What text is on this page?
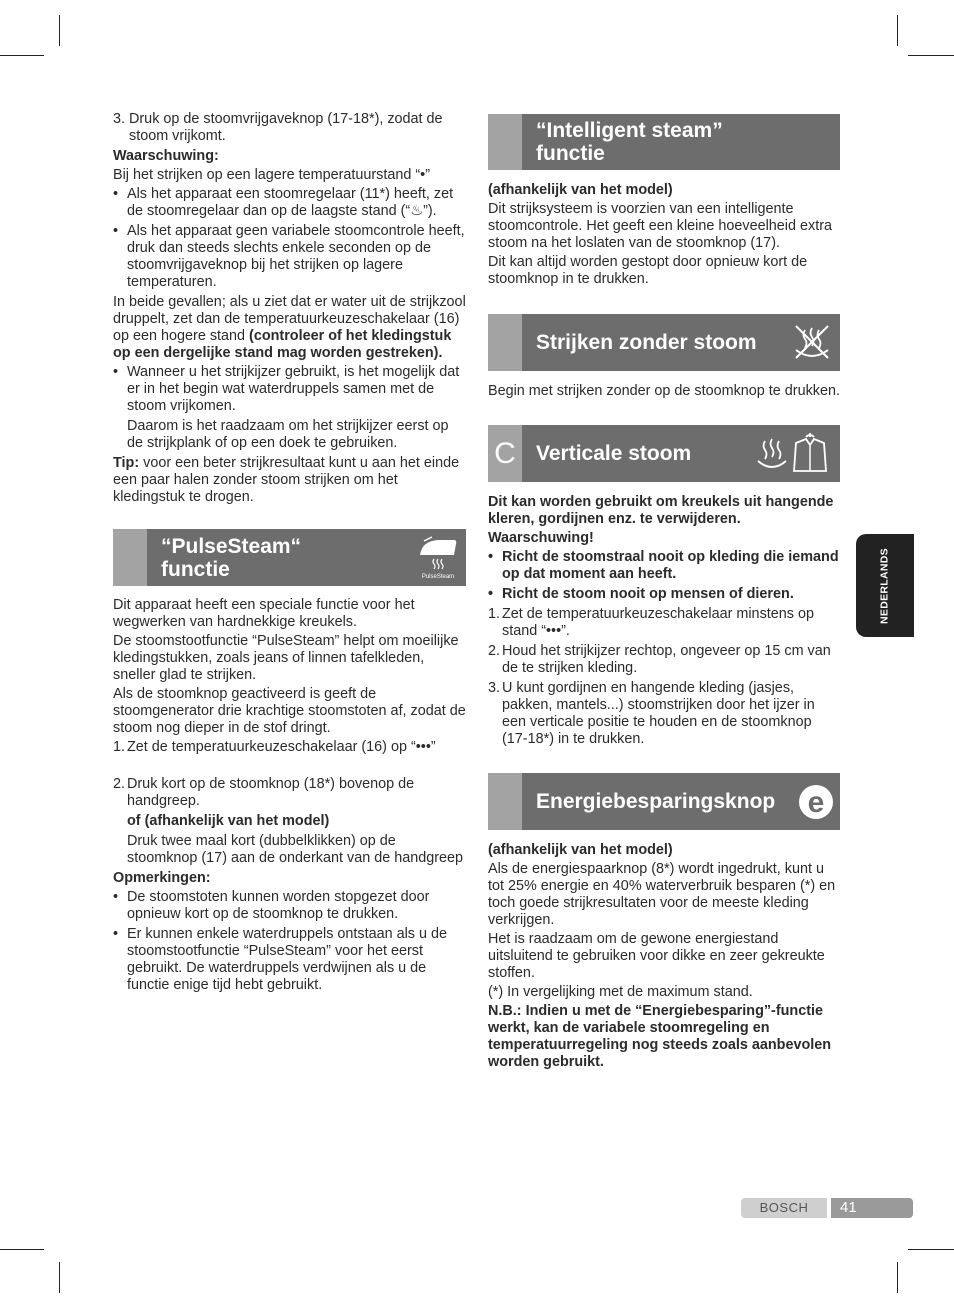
3. Druk op de stoomvrijgaveknop (17-18*), zodat de stoom vrijkomt.

Waarschuwing:

Bij het strijken op een lagere temperatuurstand “•”

• Als het apparaat een stoomregelaar (11*) heeft, zet de stoomregelaar dan op de laagste stand (“♨”).
• Als het apparaat geen variabele stoomcontrole heeft, druk dan steeds slechts enkele seconden op de stoomvrijgaveknop bij het strijken op lagere temperaturen.

In beide gevallen; als u ziet dat er water uit de strijkzool druppelt, zet dan de temperatuurkeuzeschakelaar (16) op een hogere stand (controleer of het kledingstuk op een dergelijke stand mag worden gestreken).

• Wanneer u het strijkijzer gebruikt, is het mogelijk dat er in het begin wat waterdruppels samen met de stoom vrijkomen.
Daarom is het raadzaam om het strijkijzer eerst op de strijkplank of op een doek te gebruiken.

Tip: voor een beter strijkresultaat kunt u aan het einde een paar halen zonder stoom strijken om het kledingstuk te drogen.

“PulseSteam“
functie	PulseSteam

Dit apparaat heeft een speciale functie voor het wegwerken van hardnekkige kreukels.

De stoomstootfunctie “PulseSteam” helpt om moeilijke kledingstukken, zoals jeans of linnen tafelkleden, sneller glad te strijken.

Als de stoomknop geactiveerd is geeft de stoomgenerator drie krachtige stoomstoten af, zodat de stoom nog dieper in de stof dringt.

1. Zet de temperatuurkeuzeschakelaar (16) op “•••”
2. Druk kort op de stoomknop (18*) bovenop de handgreep.
of (afhankelijk van het model)
Druk twee maal kort (dubbelklikken) op de stoomknop (17) aan de onderkant van de handgreep

Opmerkingen:

• De stoomstoten kunnen worden stopgezet door opnieuw kort op de stoomknop te drukken.
• Er kunnen enkele waterdruppels ontstaan als u de stoomstootfunctie “PulseSteam” voor het eerst gebruikt. De waterdruppels verdwijnen als u de functie enige tijd hebt gebruikt.
“Intelligent steam”
functie

(afhankelijk van het model)

Dit strijksysteem is voorzien van een intelligente stoomcontrole. Het geeft een kleine hoeveelheid extra stoom na het loslaten van de stoomknop (17).

Dit kan altijd worden gestopt door opnieuw kort de stoomknop in te drukken.

Strijken zonder stoom

Begin met strijken zonder op de stoomknop te drukken.

C Verticale stoom

Dit kan worden gebruikt om kreukels uit hangende kleren, gordijnen enz. te verwijderen.

Waarschuwing!

• Richt de stoomstraal nooit op kleding die iemand op dat moment aan heeft.
• Richt de stoom nooit op mensen of dieren.
1. Zet de temperatuurkeuzeschakelaar minstens op stand “•••”.
2. Houd het strijkijzer rechtop, ongeveer op 15 cm van de te strijken kleding.
3. U kunt gordijnen en hangende kleding (jasjes, pakken, mantels...) stoomstrijken door het ijzer in een verticale positie te houden en de stoomknop (17-18*) in te drukken.
Energiebesparingsknop e

(afhankelijk van het model)

Als de energiespaarknop (8*) wordt ingedrukt, kunt u tot 25% energie en 40% waterverbruik besparen (*) en toch goede strijkresultaten voor de meeste kleding verkrijgen.

Het is raadzaam om de gewone energiestand uitsluitend te gebruiken voor dikke en zeer gekreukte stoffen.

(*) In vergelijking met de maximum stand.

N.B.: Indien u met de “Energiebesparing”-functie werkt, kan de variabele stoomregeling en temperatuurregeling nog steeds zoals aanbevolen worden gebruikt.

NEDERLANDS
BOSCH	41
